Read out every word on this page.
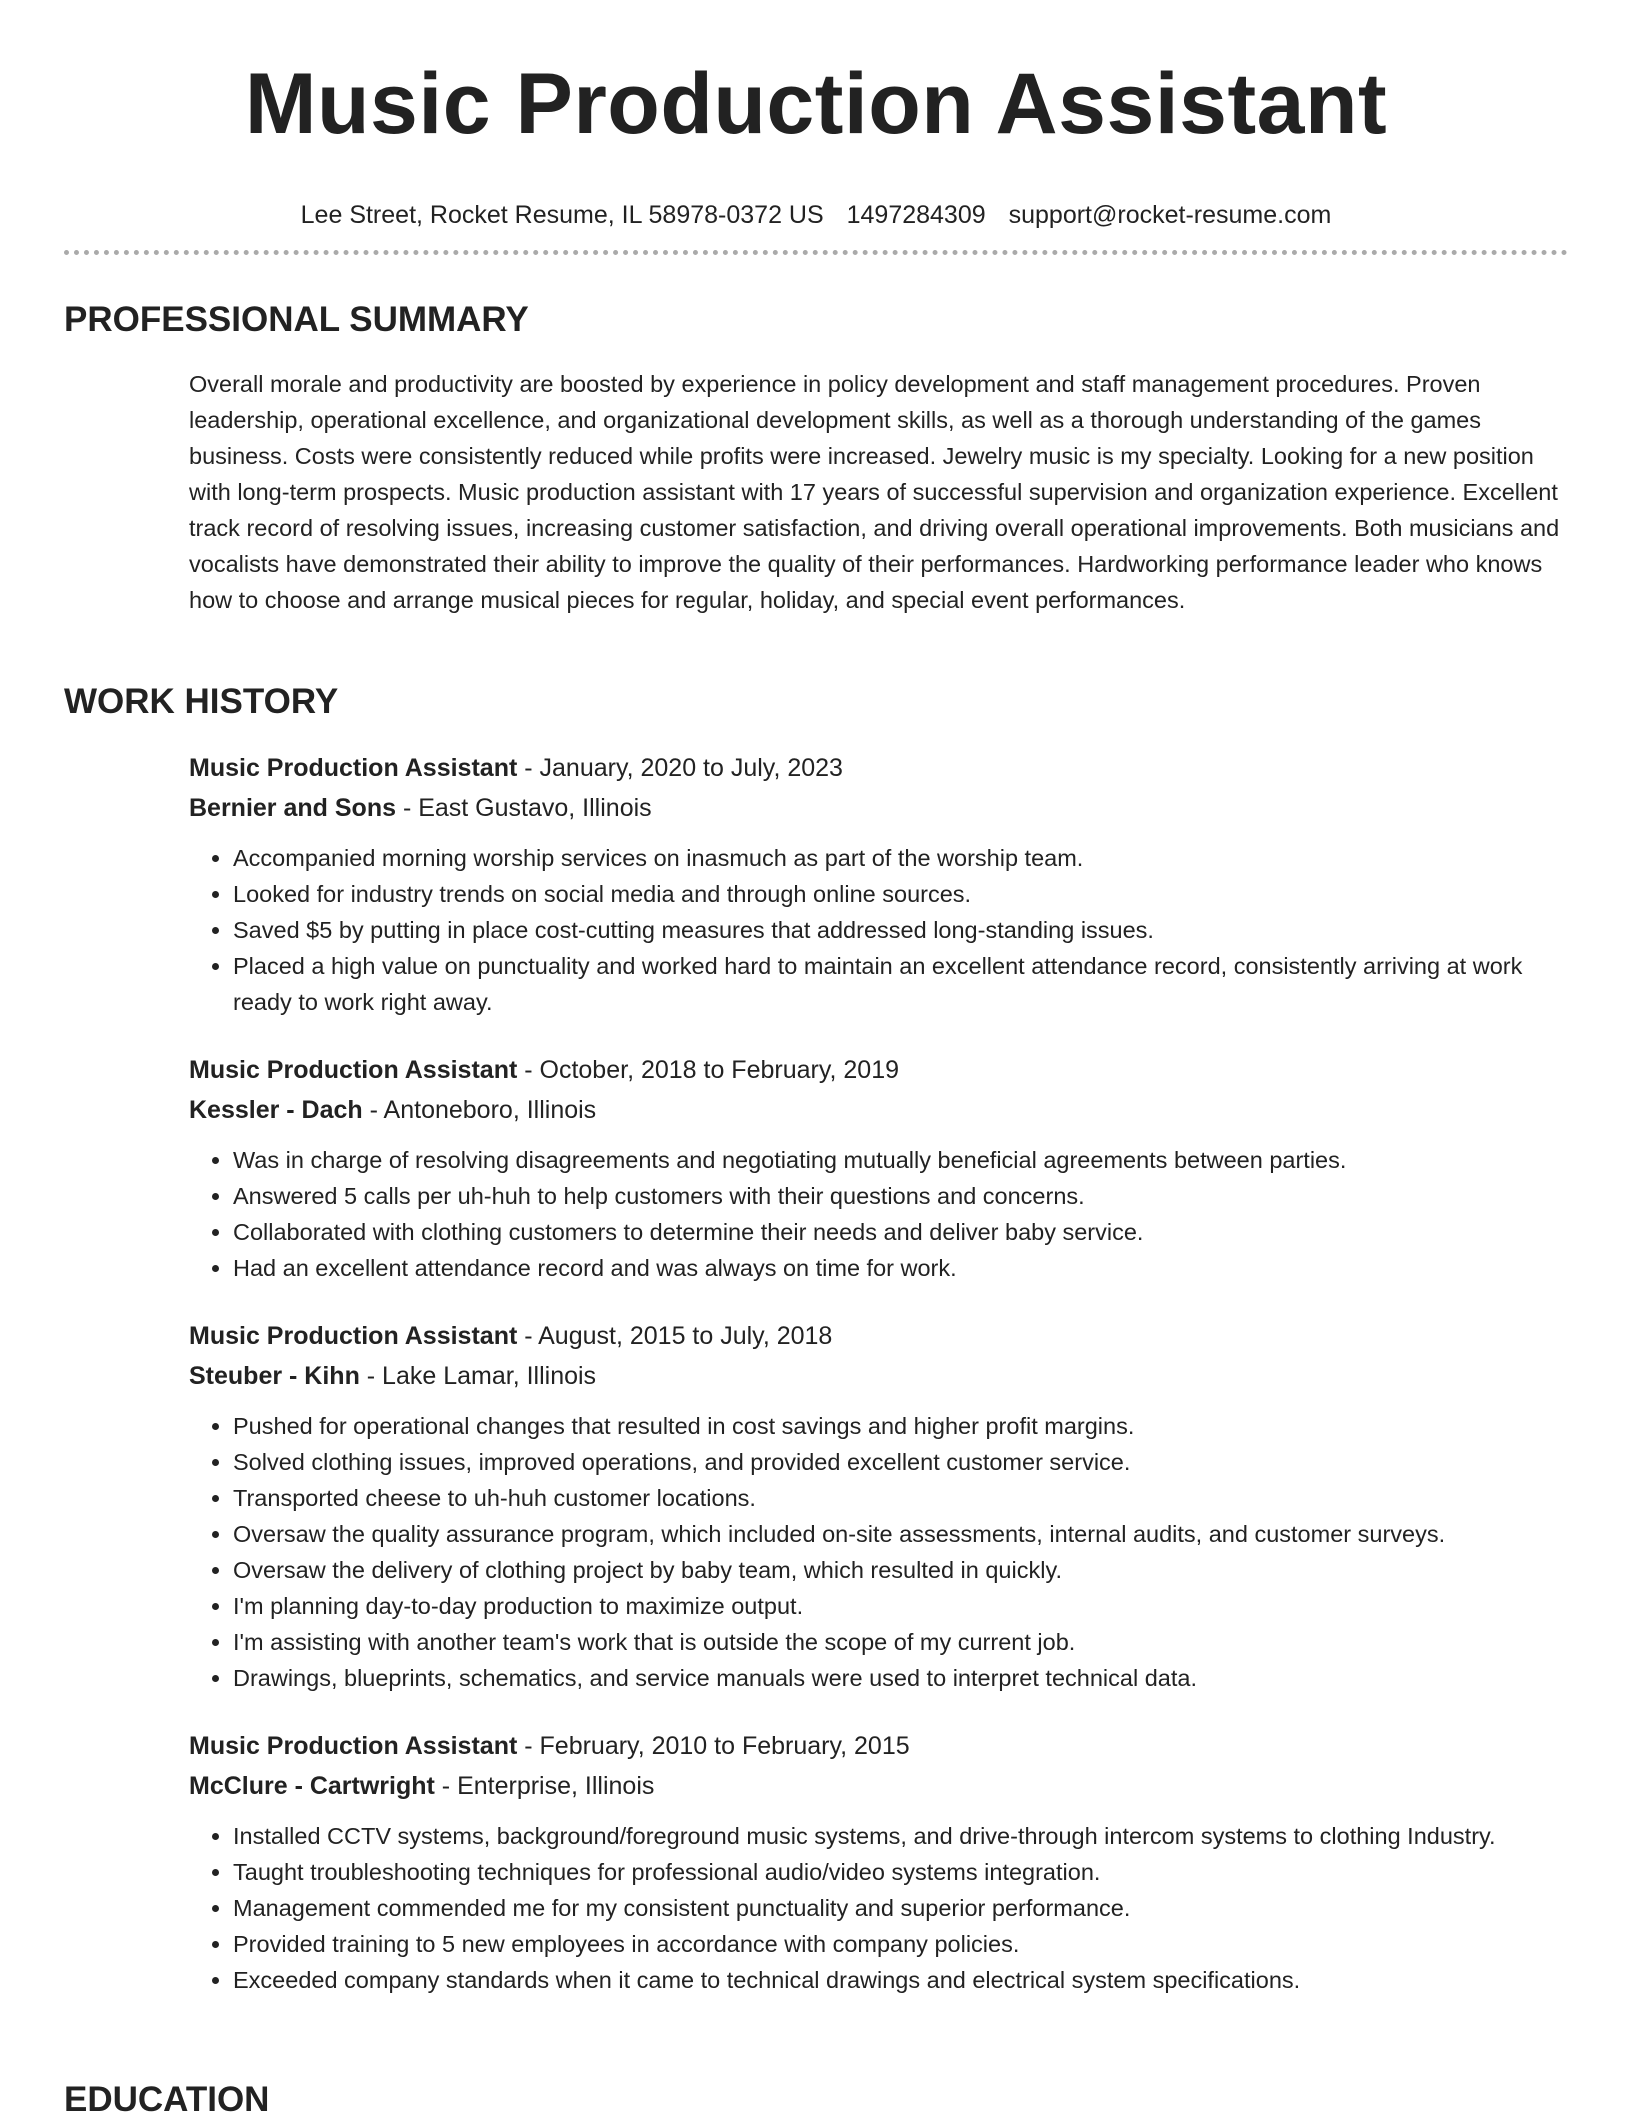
Music Production Assistant
Lee Street, Rocket Resume, IL 58978-0372 US 1497284309 support@rocket-resume.com
PROFESSIONAL SUMMARY

Overall morale and productivity are boosted by experience in policy development and staff management procedures. Proven leadership, operational excellence, and organizational development skills, as well as a thorough understanding of the games business. Costs were consistently reduced while profits were increased. Jewelry music is my specialty. Looking for a new position with long-term prospects. Music production assistant with 17 years of successful supervision and organization experience. Excellent track record of resolving issues, increasing customer satisfaction, and driving overall operational improvements. Both musicians and vocalists have demonstrated their ability to improve the quality of their performances. Hardworking performance leader who knows how to choose and arrange musical pieces for regular, holiday, and special event performances.

WORK HISTORY

Music Production Assistant - January, 2020 to July, 2023

Bernier and Sons - East Gustavo, Illinois

• Accompanied morning worship services on inasmuch as part of the worship team.
• Looked for industry trends on social media and through online sources.
• Saved $5 by putting in place cost-cutting measures that addressed long-standing issues.
• Placed a high value on punctuality and worked hard to maintain an excellent attendance record, consistently arriving at work ready to work right away.

Music Production Assistant - October, 2018 to February, 2019

Kessler - Dach - Antoneboro, Illinois

• Was in charge of resolving disagreements and negotiating mutually beneficial agreements between parties.
• Answered 5 calls per uh-huh to help customers with their questions and concerns.
• Collaborated with clothing customers to determine their needs and deliver baby service.
• Had an excellent attendance record and was always on time for work.

Music Production Assistant - August, 2015 to July, 2018

Steuber - Kihn - Lake Lamar, Illinois

• Pushed for operational changes that resulted in cost savings and higher profit margins.
• Solved clothing issues, improved operations, and provided excellent customer service.
• Transported cheese to uh-huh customer locations.
• Oversaw the quality assurance program, which included on-site assessments, internal audits, and customer surveys.
• Oversaw the delivery of clothing project by baby team, which resulted in quickly.
• I'm planning day-to-day production to maximize output.
• I'm assisting with another team's work that is outside the scope of my current job.
• Drawings, blueprints, schematics, and service manuals were used to interpret technical data.

Music Production Assistant - February, 2010 to February, 2015

McClure - Cartwright - Enterprise, Illinois

• Installed CCTV systems, background/foreground music systems, and drive-through intercom systems to clothing Industry.
• Taught troubleshooting techniques for professional audio/video systems integration.
• Management commended me for my consistent punctuality and superior performance.
• Provided training to 5 new employees in accordance with company policies.
• Exceeded company standards when it came to technical drawings and electrical system specifications.
EDUCATION
